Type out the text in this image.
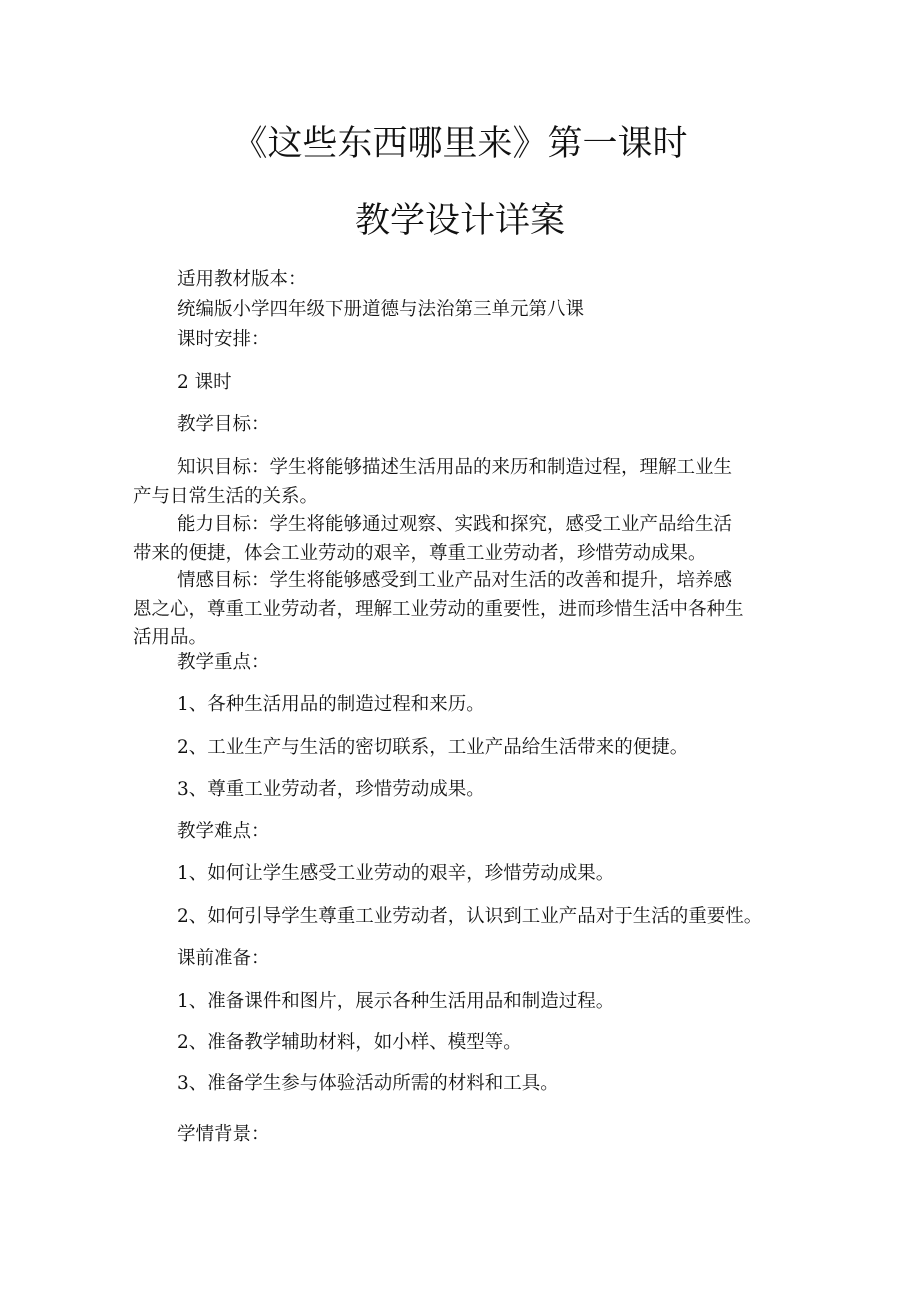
《这些东西哪里来》第一课时
教学设计详案
适用教材版本：
统编版小学四年级下册道德与法治第三单元第八课
课时安排：
2 课时
教学目标：
知识目标：学生将能够描述生活用品的来历和制造过程，理解工业生
产与日常生活的关系。
能力目标：学生将能够通过观察、实践和探究，感受工业产品给生活
带来的便捷，体会工业劳动的艰辛，尊重工业劳动者，珍惜劳动成果。
情感目标：学生将能够感受到工业产品对生活的改善和提升，培养感
恩之心，尊重工业劳动者，理解工业劳动的重要性，进而珍惜生活中各种生
活用品。
教学重点：
1、各种生活用品的制造过程和来历。
2、工业生产与生活的密切联系，工业产品给生活带来的便捷。
3、尊重工业劳动者，珍惜劳动成果。
教学难点：
1、如何让学生感受工业劳动的艰辛，珍惜劳动成果。
2、如何引导学生尊重工业劳动者，认识到工业产品对于生活的重要性。
课前准备：
1、准备课件和图片，展示各种生活用品和制造过程。
2、准备教学辅助材料，如小样、模型等。
3、准备学生参与体验活动所需的材料和工具。
学情背景：
